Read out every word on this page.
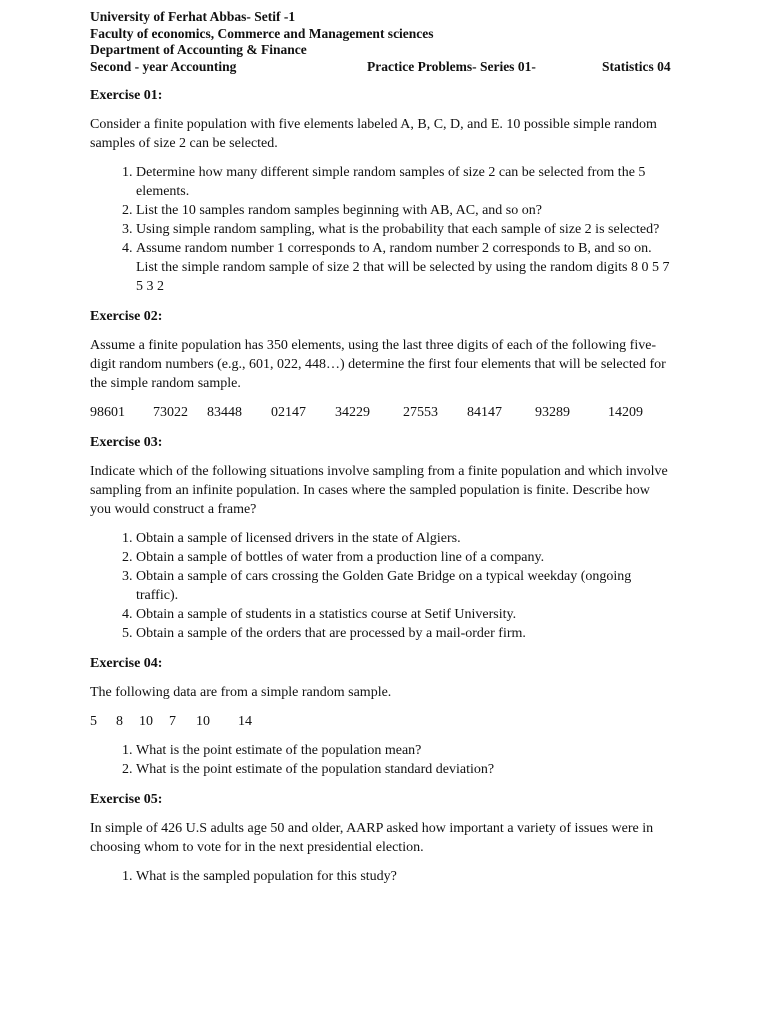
University of Ferhat Abbas- Setif -1
Faculty of economics, Commerce and Management sciences
Department of Accounting & Finance
Second - year Accounting	Practice Problems- Series 01-	Statistics 04
Exercise 01:

Consider a finite population with five elements labeled A, B, C, D, and E. 10 possible simple random samples of size 2 can be selected.

1. Determine how many different simple random samples of size 2 can be selected from the 5 elements.
2. List the 10 samples random samples beginning with AB, AC, and so on?
3. Using simple random sampling, what is the probability that each sample of size 2 is selected?
4. Assume random number 1 corresponds to A, random number 2 corresponds to B, and so on. List the simple random sample of size 2 that will be selected by using the random digits 8 0 5 7 5 3 2
Exercise 02:

Assume a finite population has 350 elements, using the last three digits of each of the following five-digit random numbers (e.g., 601, 022, 448…) determine the first four elements that will be selected for the simple random sample.

98601	73022	83448	02147	34229	27553	84147	93289	14209
Exercise 03:

Indicate which of the following situations involve sampling from a finite population and which involve sampling from an infinite population. In cases where the sampled population is finite. Describe how you would construct a frame?

1. Obtain a sample of licensed drivers in the state of Algiers.
2. Obtain a sample of bottles of water from a production line of a company.
3. Obtain a sample of cars crossing the Golden Gate Bridge on a typical weekday (ongoing traffic).
4. Obtain a sample of students in a statistics course at Setif University.
5. Obtain a sample of the orders that are processed by a mail-order firm.
Exercise 04:

The following data are from a simple random sample.

5	8	10	7	10	14
1. What is the point estimate of the population mean?
2. What is the point estimate of the population standard deviation?
Exercise 05:

In simple of 426 U.S adults age 50 and older, AARP asked how important a variety of issues were in choosing whom to vote for in the next presidential election.

1. What is the sampled population for this study?
